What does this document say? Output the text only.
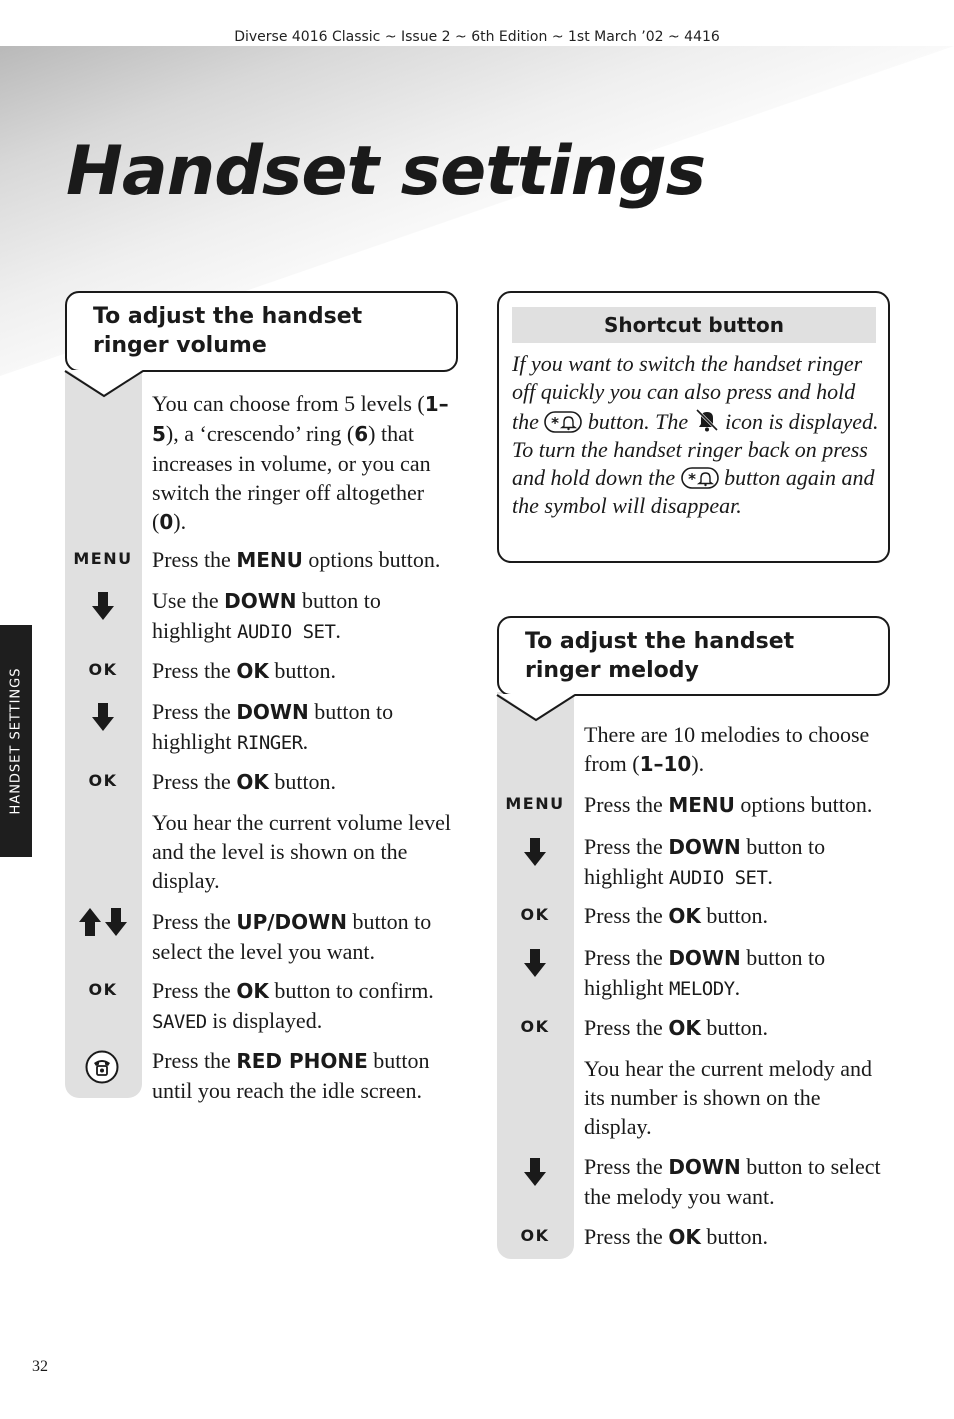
Diverse 4016 Classic ~ Issue 2 ~ 6th Edition ~ 1st March ’02 ~ 4416
Handset settings
HANDSET SETTINGS
32
To adjust the handset ringer volume
You can choose from 5 levels (1–5), a ‘crescendo’ ring (6) that increases in volume, or you can switch the ringer off altogether (0).
MENU Press the MENU options button.
Use the DOWN button to highlight AUDIO SET.
OK	Press the OK button.
Press the DOWN button to highlight RINGER.
OK	Press the OK button.
You hear the current volume level and the level is shown on the display.
Press the UP/DOWN button to select the level you want.
OK	Press the OK button to confirm. SAVED is displayed.
Press the RED PHONE button until you reach the idle screen.
Shortcut button
If you want to switch the handset ringer off quickly you can also press and hold the * button. The  icon is displayed. To turn the handset ringer back on press and hold down the * button again and the symbol will disappear.
To adjust the handset ringer melody
There are 10 melodies to choose from (1–10).
MENU Press the MENU options button.
Press the DOWN button to highlight AUDIO SET.
OK	Press the OK button.
Press the DOWN button to highlight MELODY.
OK	Press the OK button.
You hear the current melody and its number is shown on the display.
Press the DOWN button to select the melody you want.
OK	Press the OK button.
